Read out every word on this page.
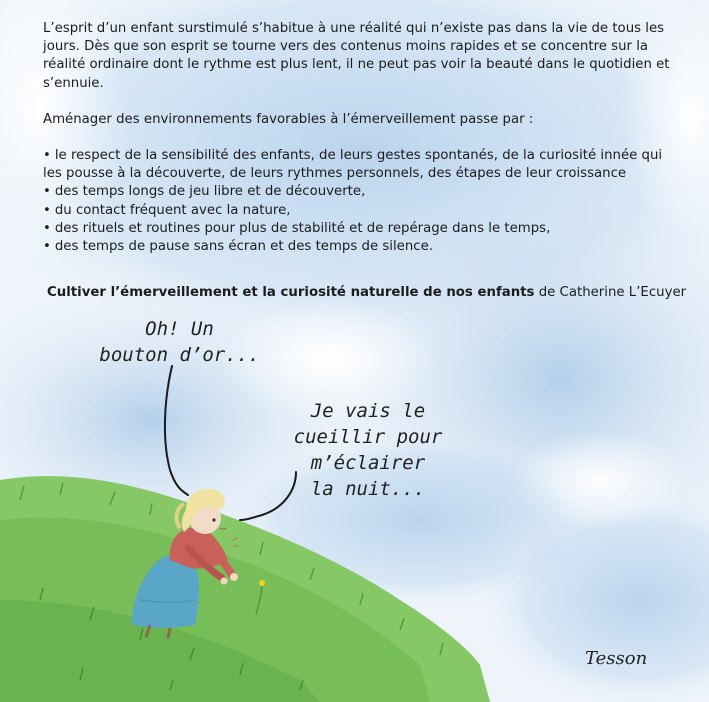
L’esprit d’un enfant surstimulé s’habitue à une réalité qui n’existe pas dans la vie de tous les jours. Dès que son esprit se tourne vers des contenus moins rapides et se concentre sur la réalité ordinaire dont le rythme est plus lent, il ne peut pas voir la beauté dans le quotidien et s’ennuie.

Aménager des environnements favorables à l’émerveillement passe par :

• le respect de la sensibilité des enfants, de leurs gestes spontanés, de la curiosité innée qui les pousse à la découverte, de leurs rythmes personnels, des étapes de leur croissance
• des temps longs de jeu libre et de découverte,
• du contact fréquent avec la nature,
• des rituels et routines pour plus de stabilité et de repérage dans le temps,
• des temps de pause sans écran et des temps de silence.
Cultiver l’émerveillement et la curiosité naturelle de nos enfants de Catherine L’Ecuyer
Oh! Un
bouton d’or...
Je vais le
cueillir pour
m’éclairer
la nuit...
Tesson
